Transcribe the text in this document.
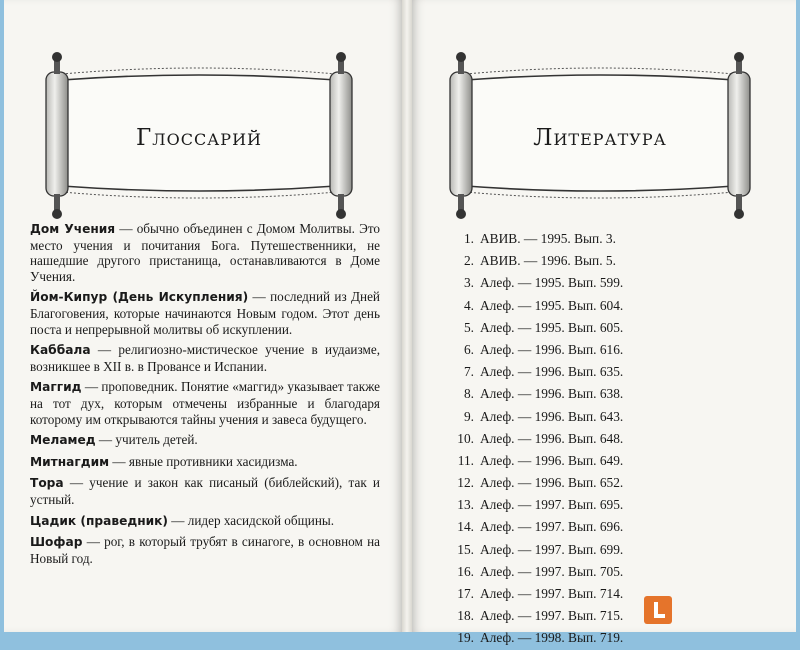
Глоссарий	Литература

Дом Учения — обычно объединен с Домом Молитвы. Это место учения и почитания Бога. Путешественники, не нашедшие другого пристанища, останавливаются в Доме Учения.

Йом-Кипур (День Искупления) — последний из Дней Благоговения, которые начинаются Новым годом. Этот день поста и непрерывной молитвы об искуплении.

Каббала — религиозно-мистическое учение в иудаизме, возникшее в XII в. в Провансе и Испании.

Маггид — проповедник. Понятие «маггид» указывает также на тот дух, которым отмечены избранные и благодаря которому им открываются тайны учения и завеса будущего.

Меламед — учитель детей.

Митнагдим — явные противники хасидизма.

Тора — учение и закон как писаный (библейский), так и устный.

Цадик (праведник) — лидер хасидской общины.

Шофар — рог, в который трубят в синагоге, в основном на Новый год.

1. АВИВ. — 1995. Вып. 3.
2. АВИВ. — 1996. Вып. 5.
3. Алеф. — 1995. Вып. 599.
4. Алеф. — 1995. Вып. 604.
5. Алеф. — 1995. Вып. 605.
6. Алеф. — 1996. Вып. 616.
7. Алеф. — 1996. Вып. 635.
8. Алеф. — 1996. Вып. 638.
9. Алеф. — 1996. Вып. 643.
10. Алеф. — 1996. Вып. 648.
11. Алеф. — 1996. Вып. 649.
12. Алеф. — 1996. Вып. 652.
13. Алеф. — 1997. Вып. 695.
14. Алеф. — 1997. Вып. 696.
15. Алеф. — 1997. Вып. 699.
16. Алеф. — 1997. Вып. 705.
17. Алеф. — 1997. Вып. 714.
18. Алеф. — 1997. Вып. 715.
19. Алеф. — 1998. Вып. 719.
